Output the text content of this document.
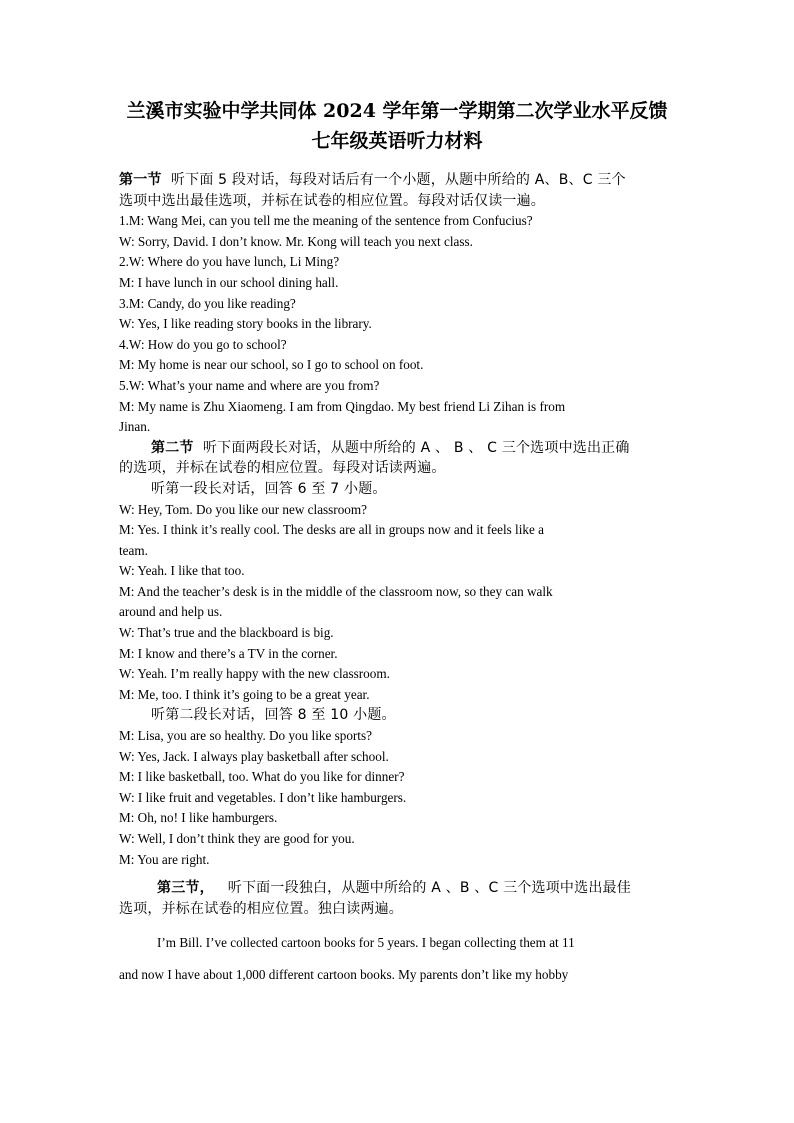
兰溪市实验中学共同体 2024 学年第一学期第二次学业水平反馈
七年级英语听力材料
第一节 听下面 5 段对话，每段对话后有一个小题，从题中所给的 A、B、C 三个
选项中选出最佳选项，并标在试卷的相应位置。每段对话仅读一遍。
1.M: Wang Mei, can you tell me the meaning of the sentence from Confucius?
W: Sorry, David. I don’t know. Mr. Kong will teach you next class.
2.W: Where do you have lunch, Li Ming?
M: I have lunch in our school dining hall.
3.M: Candy, do you like reading?
W: Yes, I like reading story books in the library.
4.W: How do you go to school?
M: My home is near our school, so I go to school on foot.
5.W: What’s your name and where are you from?
M: My name is Zhu Xiaomeng. I am from Qingdao. My best friend Li Zihan is from
Jinan.
第二节 听下面两段长对话，从题中所给的 A 、 B 、 C 三个选项中选出正确
的选项，并标在试卷的相应位置。每段对话读两遍。
听第一段长对话，回答 6 至 7 小题。
W: Hey, Tom. Do you like our new classroom?
M: Yes. I think it’s really cool. The desks are all in groups now and it feels like a
team.
W: Yeah. I like that too.
M: And the teacher’s desk is in the middle of the classroom now, so they can walk
around and help us.
W: That’s true and the blackboard is big.
M: I know and there’s a TV in the corner.
W: Yeah. I’m really happy with the new classroom.
M: Me, too. I think it’s going to be a great year.
听第二段长对话，回答 8 至 10 小题。
M: Lisa, you are so healthy. Do you like sports?
W: Yes, Jack. I always play basketball after school.
M: I like basketball, too. What do you like for dinner?
W: I like fruit and vegetables. I don’t like hamburgers.
M: Oh, no! I like hamburgers.
W: Well, I don’t think they are good for you.
M: You are right.
第三节， 听下面一段独白，从题中所给的 A 、B 、C 三个选项中选出最佳
选项，并标在试卷的相应位置。独白读两遍。
I’m Bill. I’ve collected cartoon books for 5 years. I began collecting them at 11
and now I have about 1,000 different cartoon books. My parents don’t like my hobby
